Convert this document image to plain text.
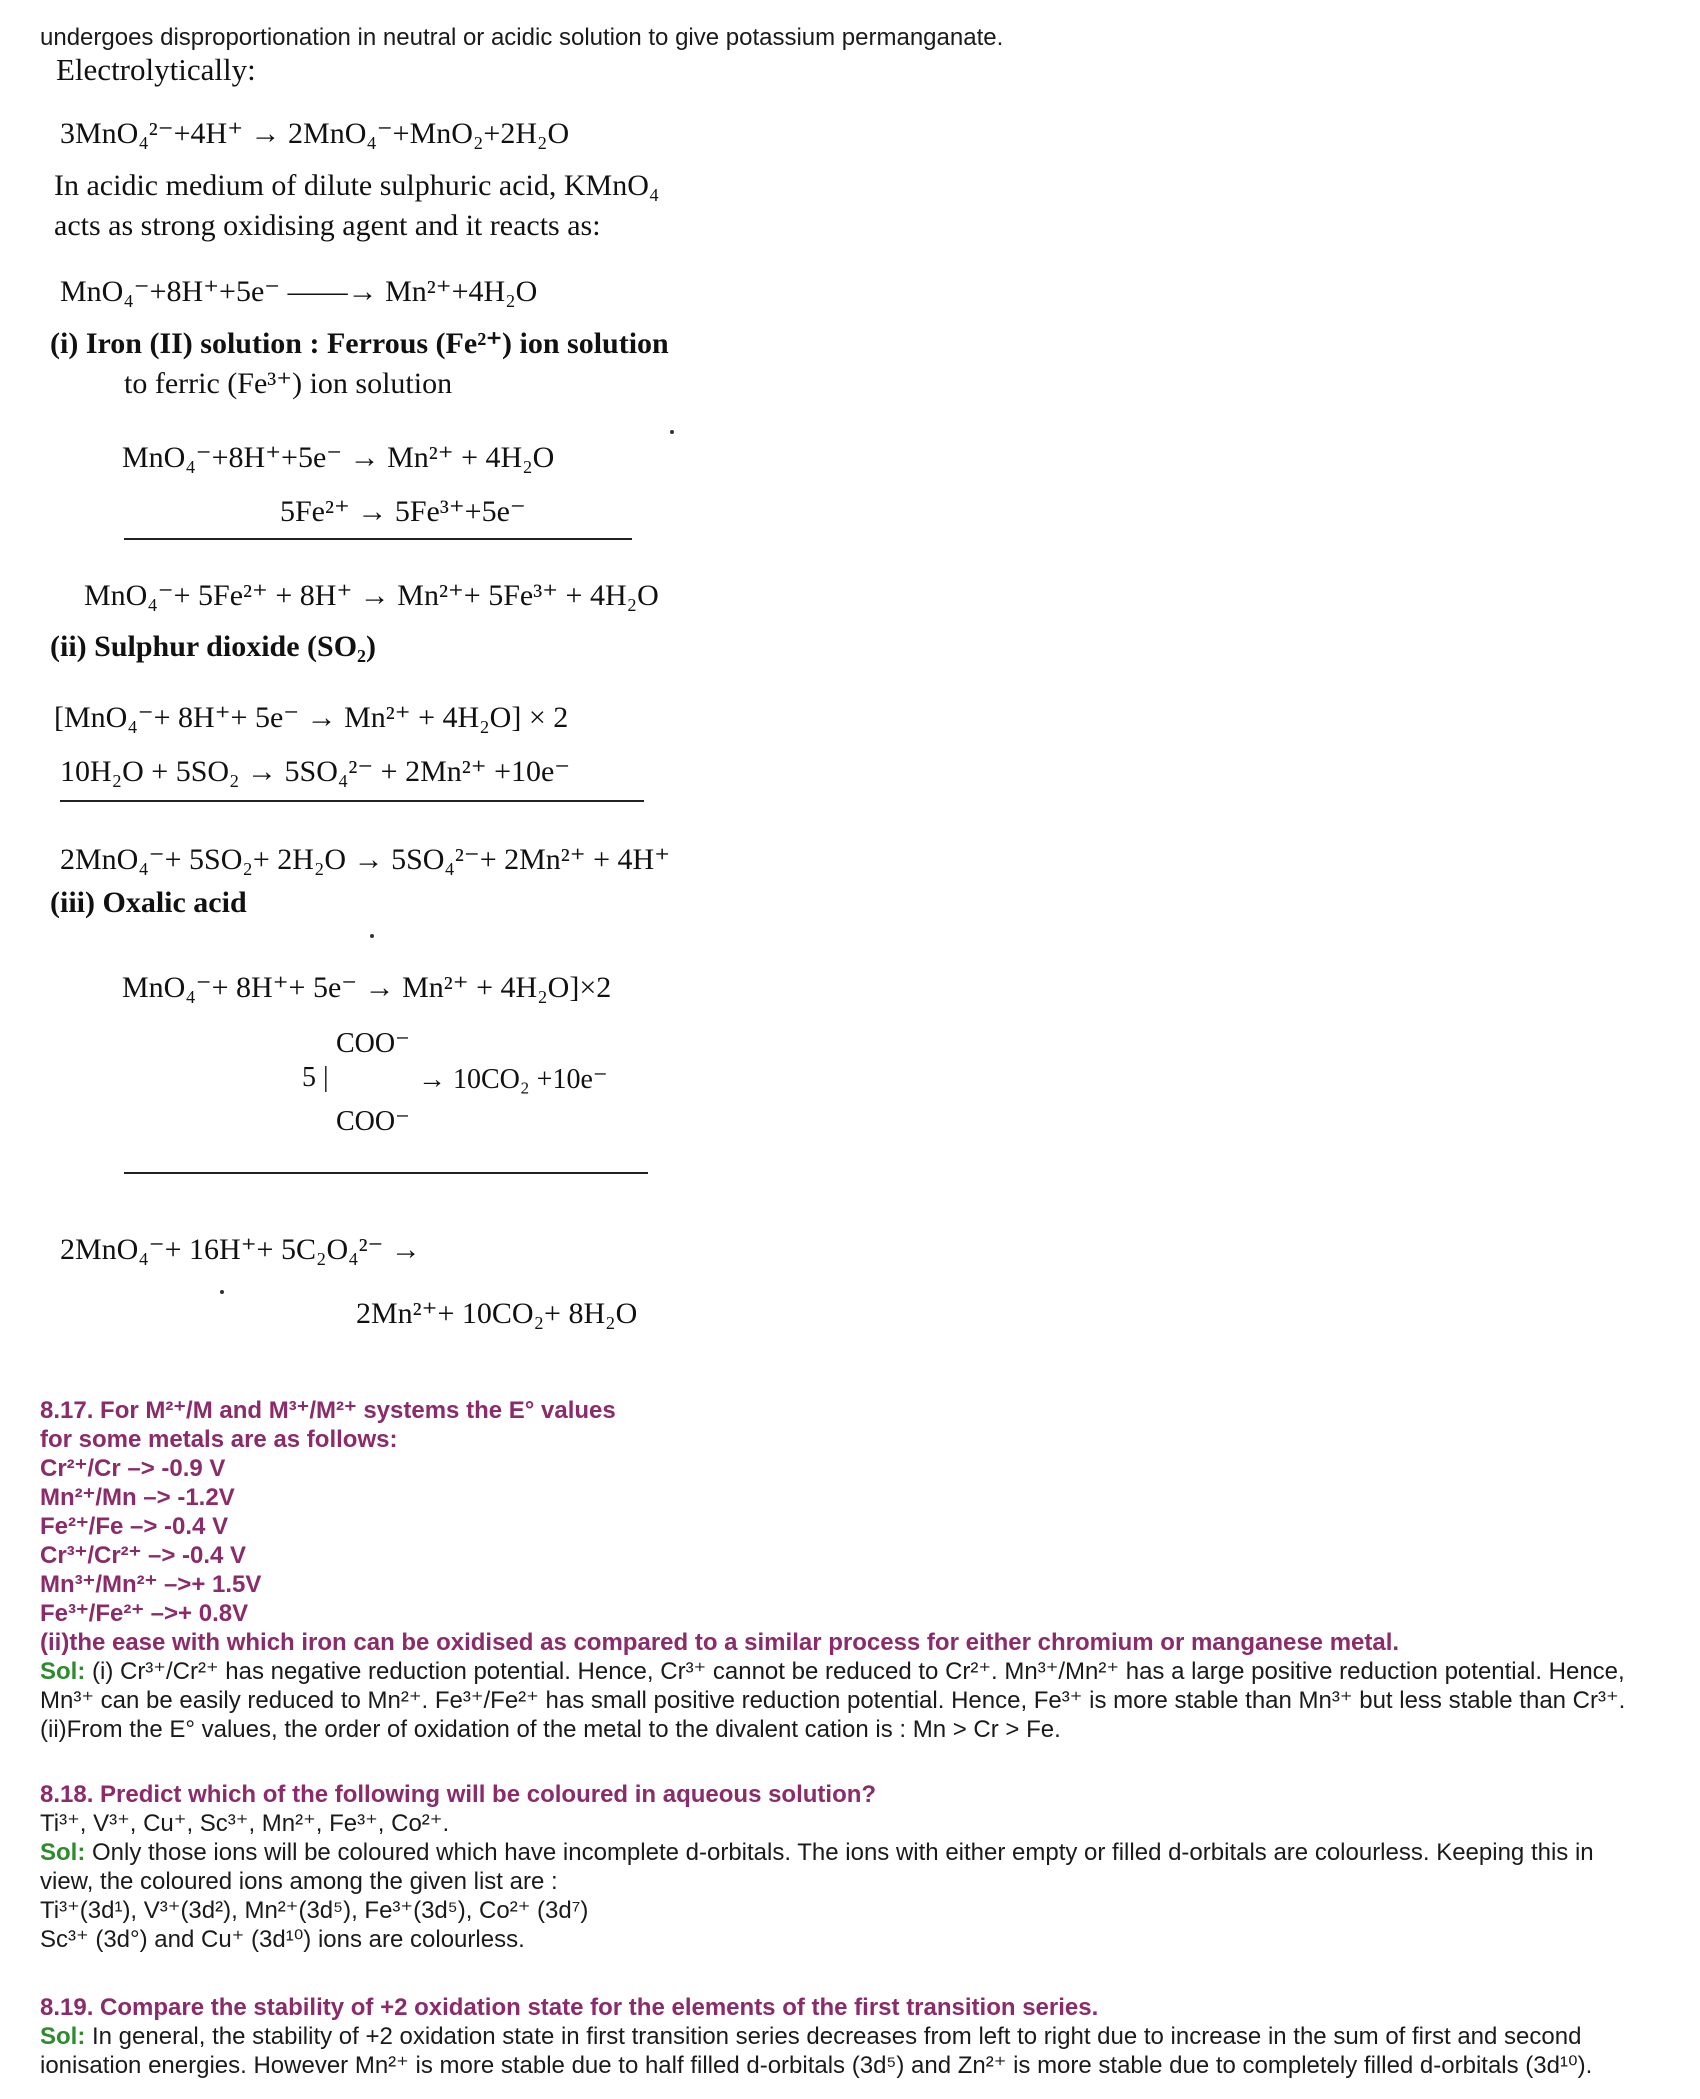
undergoes disproportionation in neutral or acidic solution to give potassium permanganate.
Electrolytically:
3MnO₄²⁻+4H⁺ → 2MnO₄⁻+MnO₂+2H₂O
In acidic medium of dilute sulphuric acid, KMnO₄
acts as strong oxidising agent and it reacts as:
MnO₄⁻+8H⁺+5e⁻ ——→ Mn²⁺+4H₂O
(i) Iron (II) solution : Ferrous (Fe²⁺) ion solution
to ferric (Fe³⁺) ion solution
MnO₄⁻+8H⁺+5e⁻ → Mn²⁺ + 4H₂O
5Fe²⁺ → 5Fe³⁺+5e⁻
MnO₄⁻+ 5Fe²⁺ + 8H⁺ → Mn²⁺+ 5Fe³⁺ + 4H₂O
(ii) Sulphur dioxide (SO₂)
[MnO₄⁻+ 8H⁺+ 5e⁻ → Mn²⁺ + 4H₂O] × 2
10H₂O + 5SO₂ → 5SO₄²⁻ + 2Mn²⁺ +10e⁻
2MnO₄⁻+ 5SO₂+ 2H₂O → 5SO₄²⁻+ 2Mn²⁺ + 4H⁺
(iii) Oxalic acid
MnO₄⁻+ 8H⁺+ 5e⁻ → Mn²⁺ + 4H₂O]×2
COO⁻
5 |	→ 10CO₂ +10e⁻
COO⁻
2MnO₄⁻+ 16H⁺+ 5C₂O₄²⁻ →
2Mn²⁺+ 10CO₂+ 8H₂O
8.17. For M²⁺/M and M³⁺/M²⁺ systems the E° values
for some metals are as follows:
Cr²⁺/Cr –> -0.9 V
Mn²⁺/Mn –> -1.2V
Fe²⁺/Fe –> -0.4 V
Cr³⁺/Cr²⁺ –> -0.4 V
Mn³⁺/Mn²⁺ –>+ 1.5V
Fe³⁺/Fe²⁺ –>+ 0.8V
(ii)the ease with which iron can be oxidised as compared to a similar process for either chromium or manganese metal.
Sol: (i) Cr³⁺/Cr²⁺ has negative reduction potential. Hence, Cr³⁺ cannot be reduced to Cr²⁺. Mn³⁺/Mn²⁺ has a large positive reduction potential. Hence,
Mn³⁺ can be easily reduced to Mn²⁺. Fe³⁺/Fe²⁺ has small positive reduction potential. Hence, Fe³⁺ is more stable than Mn³⁺ but less stable than Cr³⁺.
(ii)From the E° values, the order of oxidation of the metal to the divalent cation is : Mn > Cr > Fe.
8.18. Predict which of the following will be coloured in aqueous solution?
Ti³⁺, V³⁺, Cu⁺, Sc³⁺, Mn²⁺, Fe³⁺, Co²⁺.
Sol: Only those ions will be coloured which have incomplete d-orbitals. The ions with either empty or filled d-orbitals are colourless. Keeping this in
view, the coloured ions among the given list are :
Ti³⁺(3d¹), V³⁺(3d²), Mn²⁺(3d⁵), Fe³⁺(3d⁵), Co²⁺ (3d⁷)
Sc³⁺ (3d°) and Cu⁺ (3d¹⁰) ions are colourless.
8.19. Compare the stability of +2 oxidation state for the elements of the first transition series.
Sol: In general, the stability of +2 oxidation state in first transition series decreases from left to right due to increase in the sum of first and second
ionisation energies. However Mn²⁺ is more stable due to half filled d-orbitals (3d⁵) and Zn²⁺ is more stable due to completely filled d-orbitals (3d¹⁰).
